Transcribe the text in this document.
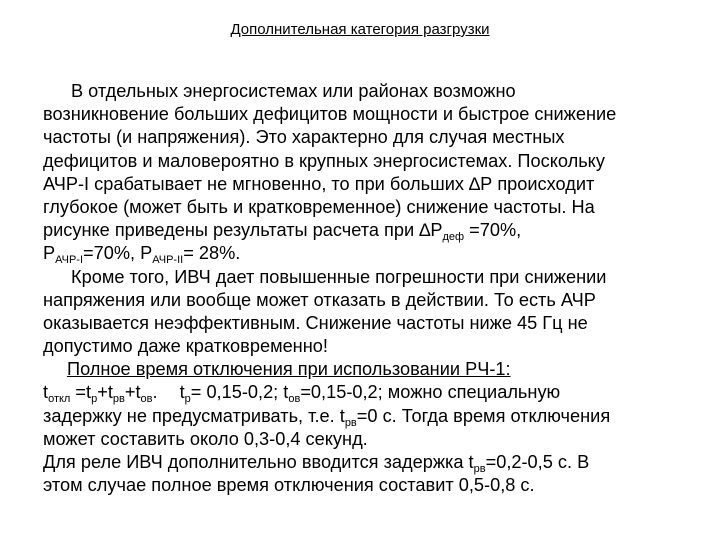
Дополнительная категория разгрузки
В отдельных энергосистемах или районах возможно
возникновение больших дефицитов мощности и быстрое снижение
частоты (и напряжения). Это характерно для случая местных
дефицитов и маловероятно в крупных энергосистемах. Поскольку
АЧР-I срабатывает не мгновенно, то при больших ∆Р происходит
глубокое (может быть и кратковременное) снижение частоты. На
рисунке приведены результаты расчета при $\Delta Р_{деф} =70\%$,
$Р_{АЧР-I}=70\%$, $Р_{АЧР-II}= 28\%$.
Кроме того, ИВЧ дает повышенные погрешности при снижении
напряжения или вообще может отказать в действии. То есть АЧР
оказывается неэффективным. Снижение частоты ниже 45 Гц не
допустимо даже кратковременно!
Полное время отключения при использовании РЧ-1:
$t_{откл} =t_р+t_{рв}+t_{ов}$. $t_р= 0,15-0,2$; $t_{ов}=0,15-0,2$; можно специальную
задержку не предусматривать, т.е. $t_{рв}=0$ с. Тогда время отключения
может составить около 0,3-0,4 секунд.
Для реле ИВЧ дополнительно вводится задержка $t_{рв}=0,2-0,5$ с. В
этом случае полное время отключения составит 0,5-0,8 с.
